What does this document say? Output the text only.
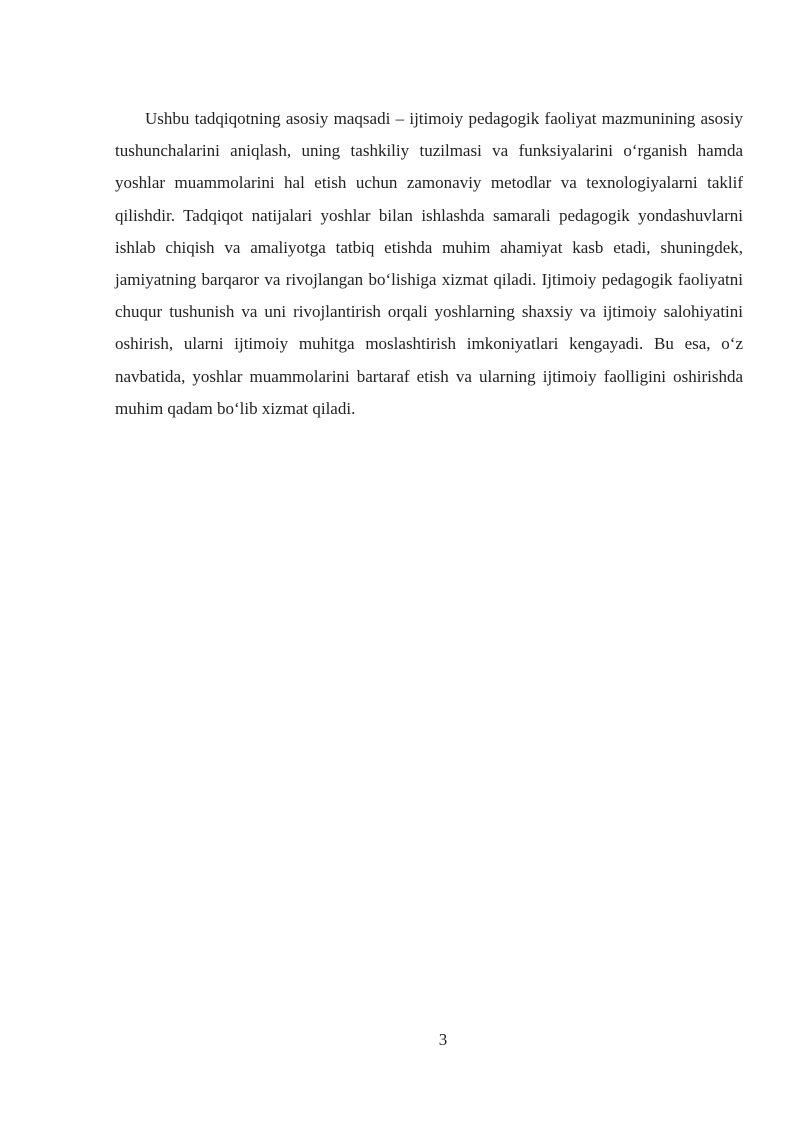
Ushbu tadqiqotning asosiy maqsadi – ijtimoiy pedagogik faoliyat mazmunining asosiy tushunchalarini aniqlash, uning tashkiliy tuzilmasi va funksiyalarini o‘rganish hamda yoshlar muammolarini hal etish uchun zamonaviy metodlar va texnologiyalarni taklif qilishdir. Tadqiqot natijalari yoshlar bilan ishlashda samarali pedagogik yondashuvlarni ishlab chiqish va amaliyotga tatbiq etishda muhim ahamiyat kasb etadi, shuningdek, jamiyatning barqaror va rivojlangan bo‘lishiga xizmat qiladi. Ijtimoiy pedagogik faoliyatni chuqur tushunish va uni rivojlantirish orqali yoshlarning shaxsiy va ijtimoiy salohiyatini oshirish, ularni ijtimoiy muhitga moslashtirish imkoniyatlari kengayadi. Bu esa, o‘z navbatida, yoshlar muammolarini bartaraf etish va ularning ijtimoiy faolligini oshirishda muhim qadam bo‘lib xizmat qiladi.

3
